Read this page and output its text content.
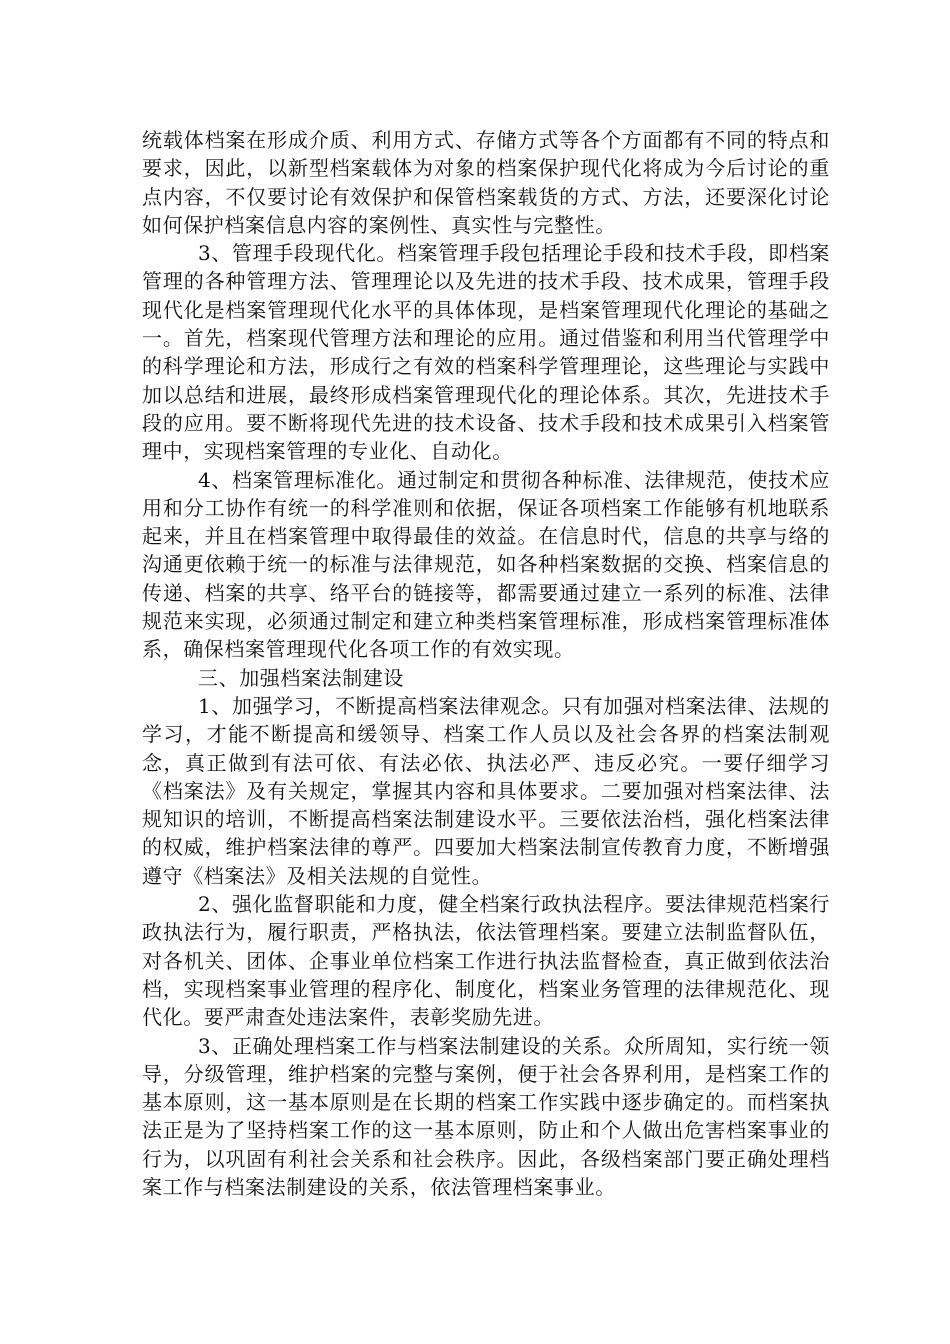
统载体档案在形成介质、利用方式、存储方式等各个方面都有不同的特点和要求，因此，以新型档案载体为对象的档案保护现代化将成为今后讨论的重点内容，不仅要讨论有效保护和保管档案载货的方式、方法，还要深化讨论如何保护档案信息内容的案例性、真实性与完整性。

3、管理手段现代化。档案管理手段包括理论手段和技术手段，即档案管理的各种管理方法、管理理论以及先进的技术手段、技术成果，管理手段现代化是档案管理现代化水平的具体体现，是档案管理现代化理论的基础之一。首先，档案现代管理方法和理论的应用。通过借鉴和利用当代管理学中的科学理论和方法，形成行之有效的档案科学管理理论，这些理论与实践中加以总结和进展，最终形成档案管理现代化的理论体系。其次，先进技术手段的应用。要不断将现代先进的技术设备、技术手段和技术成果引入档案管理中，实现档案管理的专业化、自动化。

4、档案管理标准化。通过制定和贯彻各种标准、法律规范，使技术应用和分工协作有统一的科学准则和依据，保证各项档案工作能够有机地联系起来，并且在档案管理中取得最佳的效益。在信息时代，信息的共享与络的沟通更依赖于统一的标准与法律规范，如各种档案数据的交换、档案信息的传递、档案的共享、络平台的链接等，都需要通过建立一系列的标准、法律规范来实现，必须通过制定和建立种类档案管理标准，形成档案管理标准体系，确保档案管理现代化各项工作的有效实现。

三、加强档案法制建设

1、加强学习，不断提高档案法律观念。只有加强对档案法律、法规的学习，才能不断提高和缓领导、档案工作人员以及社会各界的档案法制观念，真正做到有法可依、有法必依、执法必严、违反必究。一要仔细学习《档案法》及有关规定，掌握其内容和具体要求。二要加强对档案法律、法规知识的培训，不断提高档案法制建设水平。三要依法治档，强化档案法律的权威，维护档案法律的尊严。四要加大档案法制宣传教育力度，不断增强遵守《档案法》及相关法规的自觉性。

2、强化监督职能和力度，健全档案行政执法程序。要法律规范档案行政执法行为，履行职责，严格执法，依法管理档案。要建立法制监督队伍，对各机关、团体、企事业单位档案工作进行执法监督检查，真正做到依法治档，实现档案事业管理的程序化、制度化，档案业务管理的法律规范化、现代化。要严肃查处违法案件，表彰奖励先进。

3、正确处理档案工作与档案法制建设的关系。众所周知，实行统一领导，分级管理，维护档案的完整与案例，便于社会各界利用，是档案工作的基本原则，这一基本原则是在长期的档案工作实践中逐步确定的。而档案执法正是为了坚持档案工作的这一基本原则，防止和个人做出危害档案事业的行为，以巩固有利社会关系和社会秩序。因此，各级档案部门要正确处理档案工作与档案法制建设的关系，依法管理档案事业。
